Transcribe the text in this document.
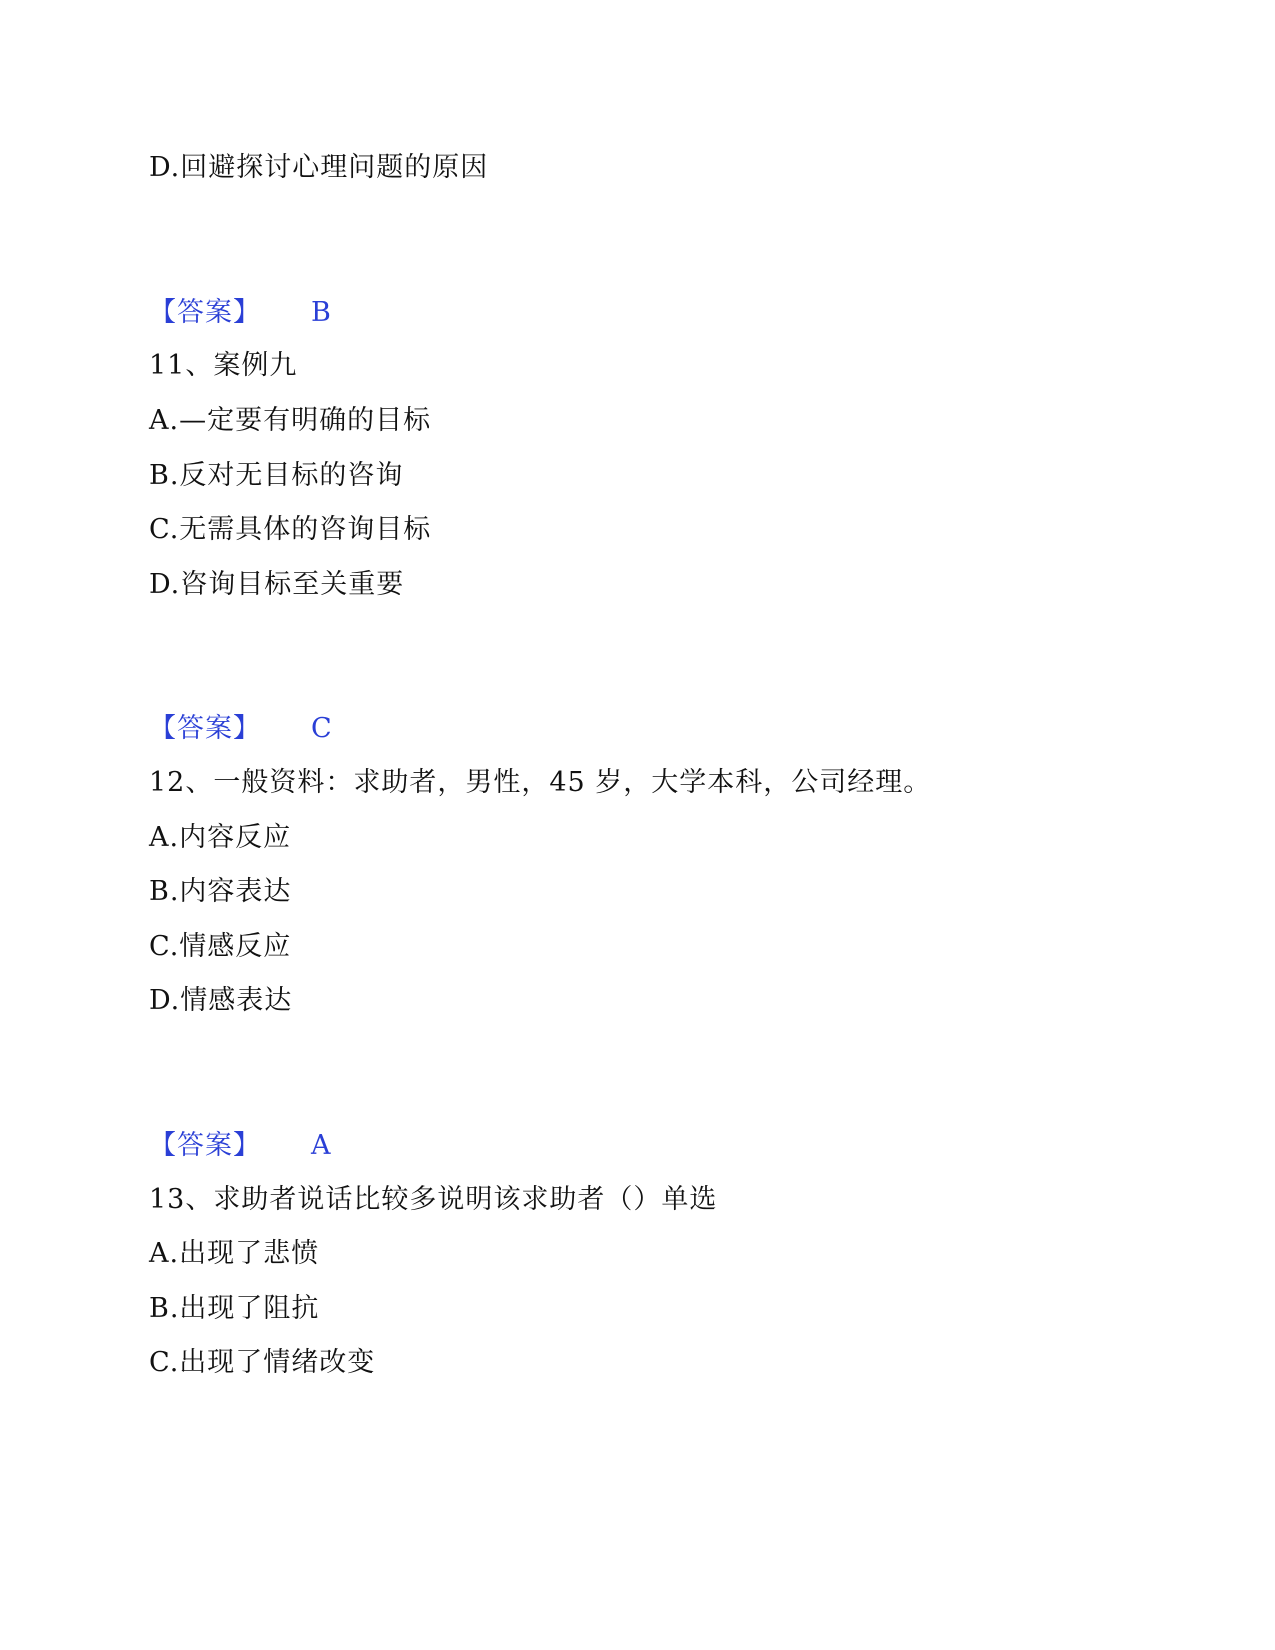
D.回避探讨心理问题的原因
【答案】 B
11、案例九
A.—定要有明确的目标
B.反对无目标的咨询
C.无需具体的咨询目标
D.咨询目标至关重要
【答案】 C
12、一般资料：求助者，男性，45 岁，大学本科，公司经理。
A.内容反应
B.内容表达
C.情感反应
D.情感表达
【答案】 A
13、求助者说话比较多说明该求助者（）单选
A.出现了悲愤
B.出现了阻抗
C.出现了情绪改变
